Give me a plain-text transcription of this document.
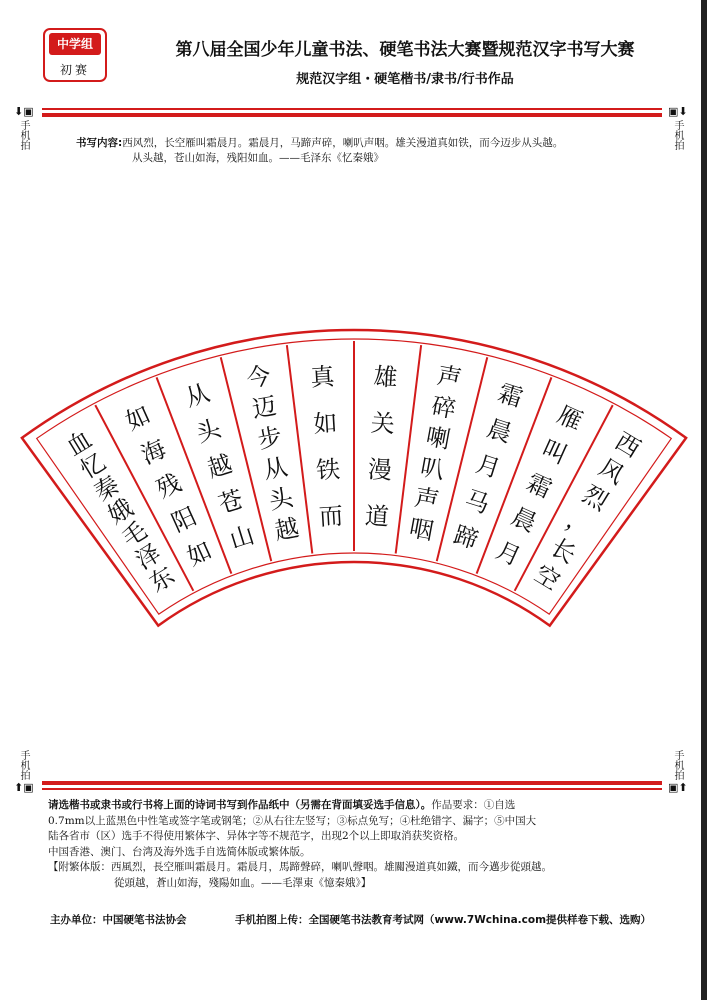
中学组
初赛
第八届全国少年儿童书法、硬笔书法大赛暨规范汉字书写大赛
规范汉字组・硬笔楷书/隶书/行书作品
⬇▣
手机拍
▣⬇
手机拍
手机拍
⬆▣
手机拍
▣⬆
书写内容:西风烈，长空雁叫霜晨月。霜晨月，马蹄声碎，喇叭声咽。雄关漫道真如铁，而今迈步从头越。
从头越，苍山如海，残阳如血。——毛泽东《忆秦娥》
西
风
烈
，
长
空
雁
叫
霜
晨
月
霜
晨
月
马
蹄
声
碎
喇
叭
声
咽
雄
关
漫
道
真
如
铁
而
今
迈
步
从
头
越
从
头
越
苍
山
如
海
残
阳
如
血
忆
秦
娥
毛
泽
东
请选楷书或隶书或行书将上面的诗词书写到作品纸中（另需在背面填妥选手信息）。作品要求：①自选
0.7mm以上蓝黑色中性笔或签字笔或钢笔；②从右往左竖写；③标点免写；④杜绝错字、漏字；⑤中国大
陆各省市（区）选手不得使用繁体字、异体字等不规范字，出现2个以上即取消获奖资格。
中国香港、澳门、台湾及海外选手自选简体版或繁体版。
【附繁体版：西風烈，長空雁叫霜晨月。霜晨月，馬蹄聲碎，喇叭聲咽。雄關漫道真如鐵，而今邁步從頭越。
從頭越，蒼山如海，殘陽如血。——毛澤東《憶秦娥》】
主办单位：中国硬笔书法协会	手机拍图上传：全国硬笔书法教育考试网（www.7Wchina.com提供样卷下载、选购）
